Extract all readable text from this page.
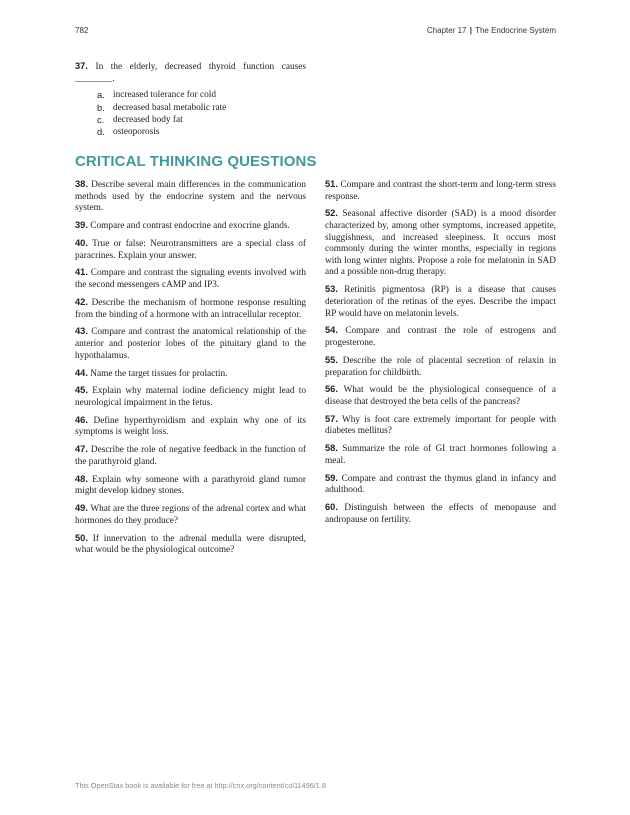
782	Chapter 17 | The Endocrine System
37. In the elderly, decreased thyroid function causes ________.
a. increased tolerance for cold
b. decreased basal metabolic rate
c. decreased body fat
d. osteoporosis
CRITICAL THINKING QUESTIONS

38. Describe several main differences in the communication methods used by the endocrine system and the nervous system.

39. Compare and contrast endocrine and exocrine glands.

40. True or false: Neurotransmitters are a special class of paracrines. Explain your answer.

41. Compare and contrast the signaling events involved with the second messengers cAMP and IP3.

42. Describe the mechanism of hormone response resulting from the binding of a hormone with an intracellular receptor.

43. Compare and contrast the anatomical relationship of the anterior and posterior lobes of the pituitary gland to the hypothalamus.

44. Name the target tissues for prolactin.

45. Explain why maternal iodine deficiency might lead to neurological impairment in the fetus.

46. Define hyperthyroidism and explain why one of its symptoms is weight loss.

47. Describe the role of negative feedback in the function of the parathyroid gland.

48. Explain why someone with a parathyroid gland tumor might develop kidney stones.

49. What are the three regions of the adrenal cortex and what hormones do they produce?

50. If innervation to the adrenal medulla were disrupted, what would be the physiological outcome?

51. Compare and contrast the short-term and long-term stress response.

52. Seasonal affective disorder (SAD) is a mood disorder characterized by, among other symptoms, increased appetite, sluggishness, and increased sleepiness. It occurs most commonly during the winter months, especially in regions with long winter nights. Propose a role for melatonin in SAD and a possible non-drug therapy.

53. Retinitis pigmentosa (RP) is a disease that causes deterioration of the retinas of the eyes. Describe the impact RP would have on melatonin levels.

54. Compare and contrast the role of estrogens and progesterone.

55. Describe the role of placental secretion of relaxin in preparation for childbirth.

56. What would be the physiological consequence of a disease that destroyed the beta cells of the pancreas?

57. Why is foot care extremely important for people with diabetes mellitus?

58. Summarize the role of GI tract hormones following a meal.

59. Compare and contrast the thymus gland in infancy and adulthood.

60. Distinguish between the effects of menopause and andropause on fertility.

This OpenStax book is available for free at http://cnx.org/content/col11496/1.8
